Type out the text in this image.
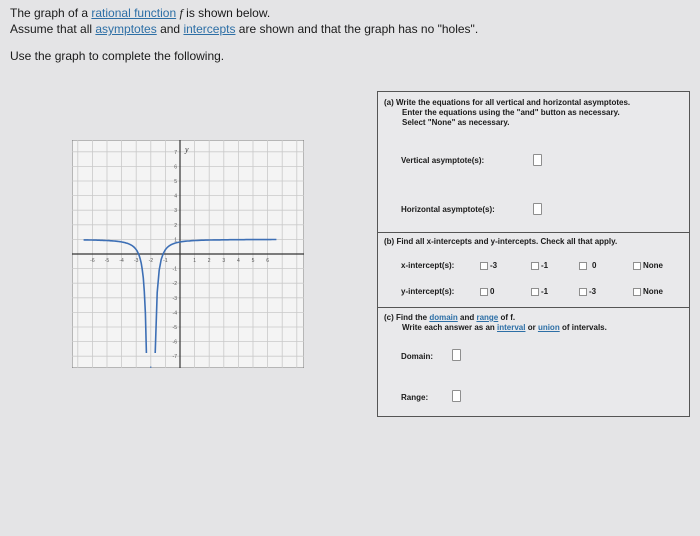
The graph of a rational function f is shown below.
Assume that all asymptotes and intercepts are shown and that the graph has no "holes".
Use the graph to complete the following.
y
-6 -5 -4 -3 -2 -1	1 2 3 4 5 6
7
6
5
4
3
2
1
-1
-2
-3
-4
-5
-6
-7
(a) Write the equations for all vertical and horizontal asymptotes.
Enter the equations using the "and" button as necessary.
Select "None" as necessary.
Vertical asymptote(s):
Horizontal asymptote(s):
(b) Find all x-intercepts and y-intercepts. Check all that apply.
x-intercept(s):	-3	-1	0	None
y-intercept(s):	0	-1	-3	None
(c) Find the domain and range of f.
Write each answer as an interval or union of intervals.
Domain:
Range:
